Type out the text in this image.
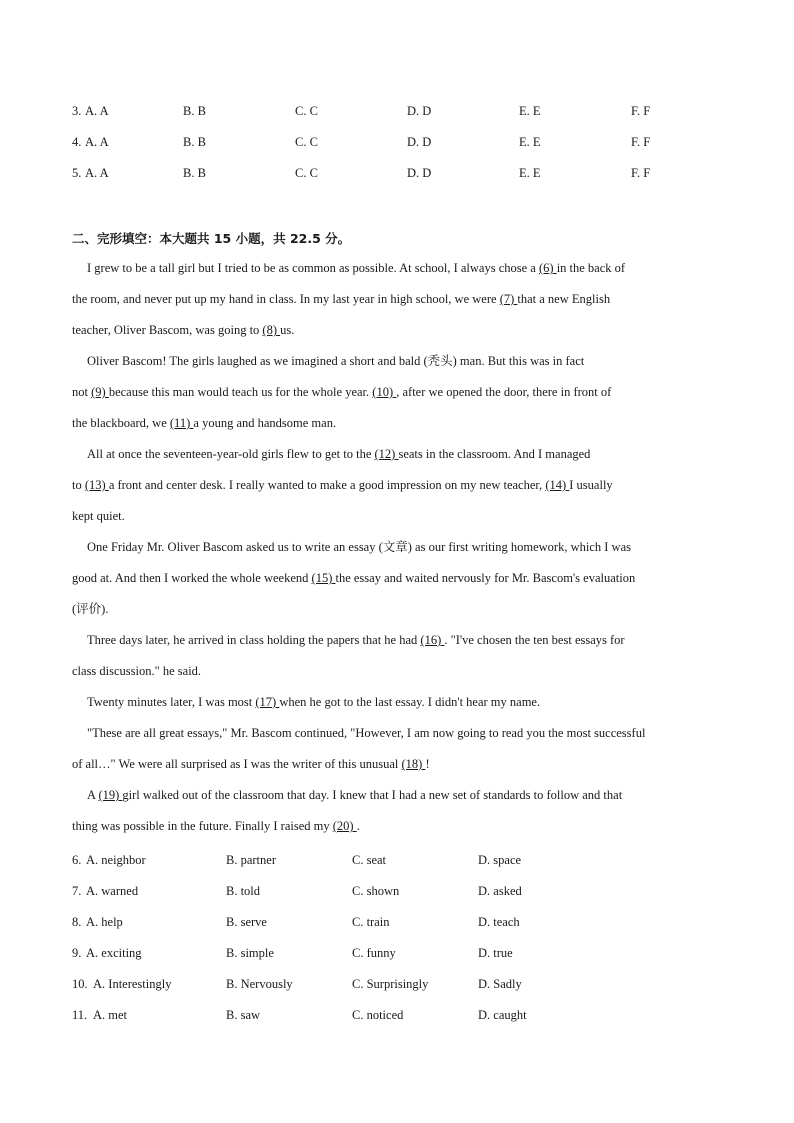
3. A. A	B. B	C. C	D. D	E. E	F. F
4. A. A	B. B	C. C	D. D	E. E	F. F
5. A. A	B. B	C. C	D. D	E. E	F. F
二、完形填空：本大题共 15 小题，共 22.5 分。
I grew to be a tall girl but I tried to be as common as possible. At school, I always chose a (6) in the back of
the room, and never put up my hand in class. In my last year in high school, we were (7) that a new English
teacher, Oliver Bascom, was going to (8) us.
Oliver Bascom! The girls laughed as we imagined a short and bald (秃头) man. But this was in fact
not (9) because this man would teach us for the whole year. (10) , after we opened the door, there in front of
the blackboard, we (11) a young and handsome man.
All at once the seventeen-year-old girls flew to get to the (12) seats in the classroom. And I managed
to (13) a front and center desk. I really wanted to make a good impression on my new teacher, (14) I usually
kept quiet.
One Friday Mr. Oliver Bascom asked us to write an essay (文章) as our first writing homework, which I was
good at. And then I worked the whole weekend (15) the essay and waited nervously for Mr. Bascom's evaluation
(评价).
Three days later, he arrived in class holding the papers that he had (16) . "I've chosen the ten best essays for
class discussion." he said.
Twenty minutes later, I was most (17) when he got to the last essay. I didn't hear my name.
"These are all great essays," Mr. Bascom continued, "However, I am now going to read you the most successful
of all…" We were all surprised as I was the writer of this unusual (18) !
A (19) girl walked out of the classroom that day. I knew that I had a new set of standards to follow and that
thing was possible in the future. Finally I raised my (20) .
6. A. neighbor	B. partner	C. seat	D. space
7. A. warned	B. told	C. shown	D. asked
8. A. help	B. serve	C. train	D. teach
9. A. exciting	B. simple	C. funny	D. true
10. A. Interestingly	B. Nervously	C. Surprisingly	D. Sadly
11. A. met	B. saw	C. noticed	D. caught
